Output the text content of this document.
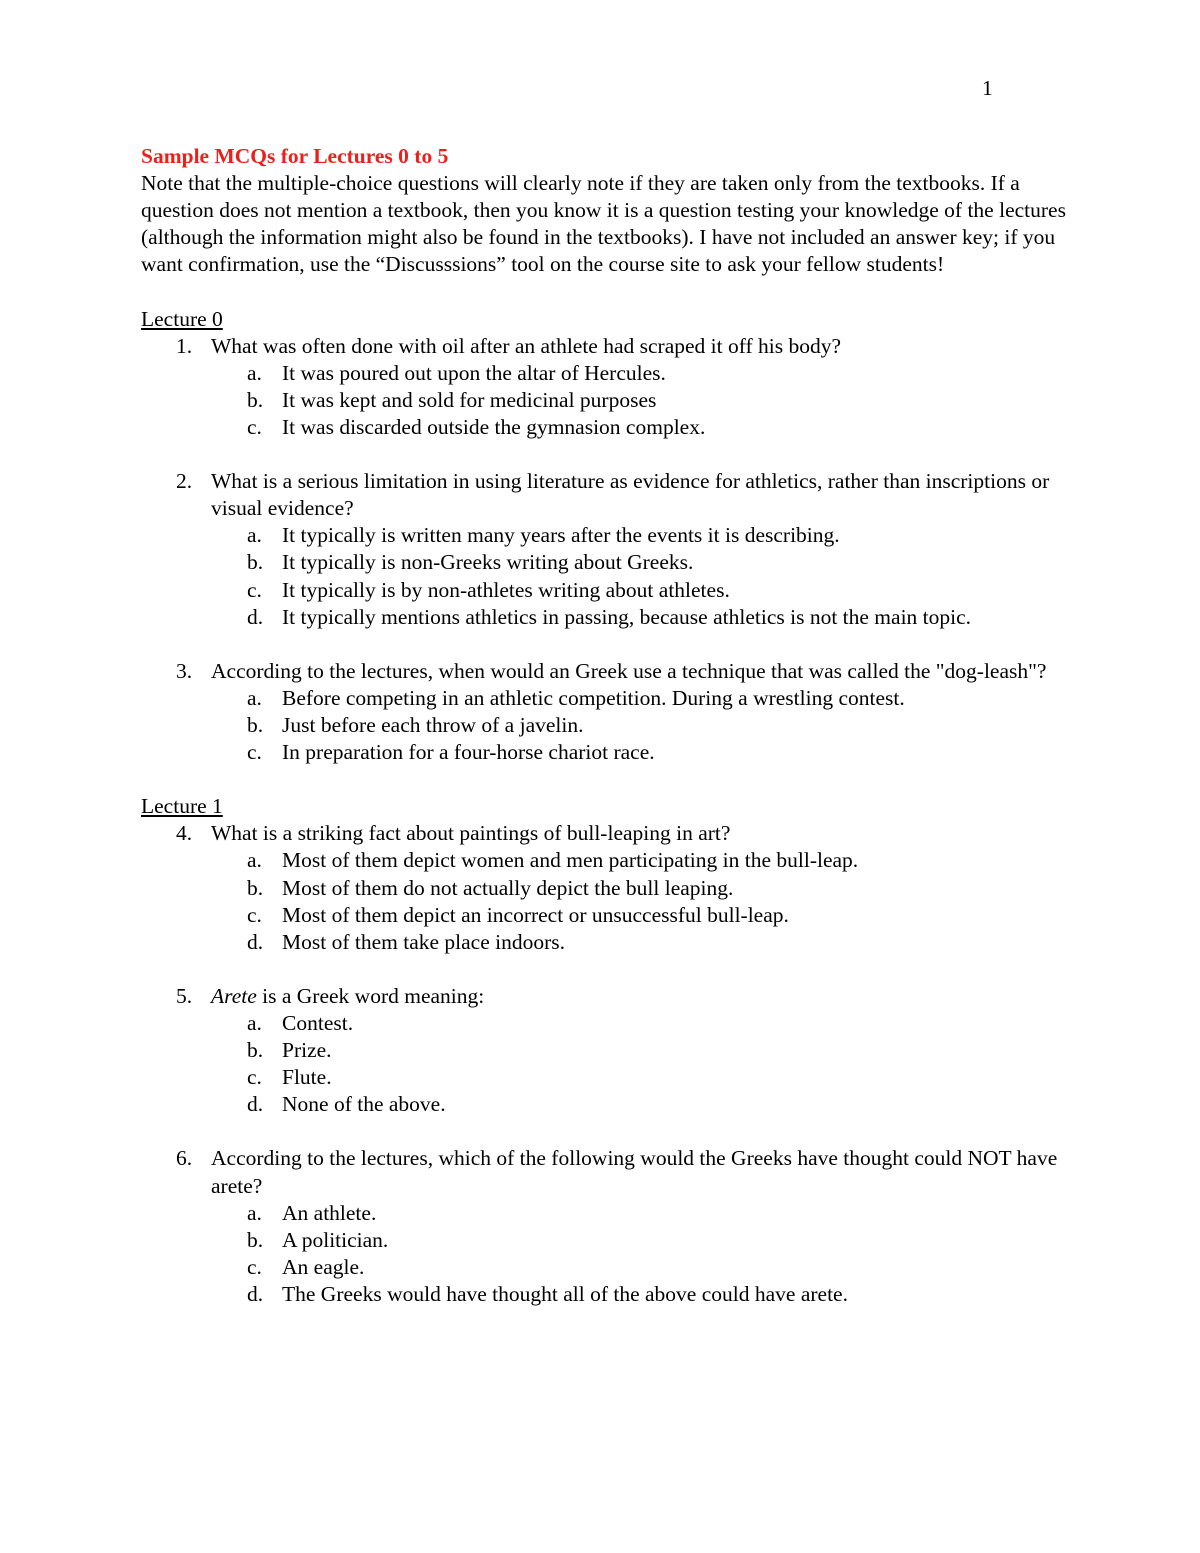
1

Sample MCQs for Lectures 0 to 5

Note that the multiple-choice questions will clearly note if they are taken only from the textbooks. If a question does not mention a textbook, then you know it is a question testing your knowledge of the lectures (although the information might also be found in the textbooks). I have not included an answer key; if you want confirmation, use the “Discusssions” tool on the course site to ask your fellow students!

Lecture 0

1. What was often done with oil after an athlete had scraped it off his body?
a. It was poured out upon the altar of Hercules.
b. It was kept and sold for medicinal purposes
c. It was discarded outside the gymnasion complex.
2. What is a serious limitation in using literature as evidence for athletics, rather than inscriptions or visual evidence?
a. It typically is written many years after the events it is describing.
b. It typically is non-Greeks writing about Greeks.
c. It typically is by non-athletes writing about athletes.
d. It typically mentions athletics in passing, because athletics is not the main topic.
3. According to the lectures, when would an Greek use a technique that was called the "dog-leash"?
a. Before competing in an athletic competition. During a wrestling contest.
b. Just before each throw of a javelin.
c. In preparation for a four-horse chariot race.

Lecture 1

4. What is a striking fact about paintings of bull-leaping in art?
a. Most of them depict women and men participating in the bull-leap.
b. Most of them do not actually depict the bull leaping.
c. Most of them depict an incorrect or unsuccessful bull-leap.
d. Most of them take place indoors.
5. Arete is a Greek word meaning:
a. Contest.
b. Prize.
c. Flute.
d. None of the above.
6. According to the lectures, which of the following would the Greeks have thought could NOT have arete?
a. An athlete.
b. A politician.
c. An eagle.
d. The Greeks would have thought all of the above could have arete.
